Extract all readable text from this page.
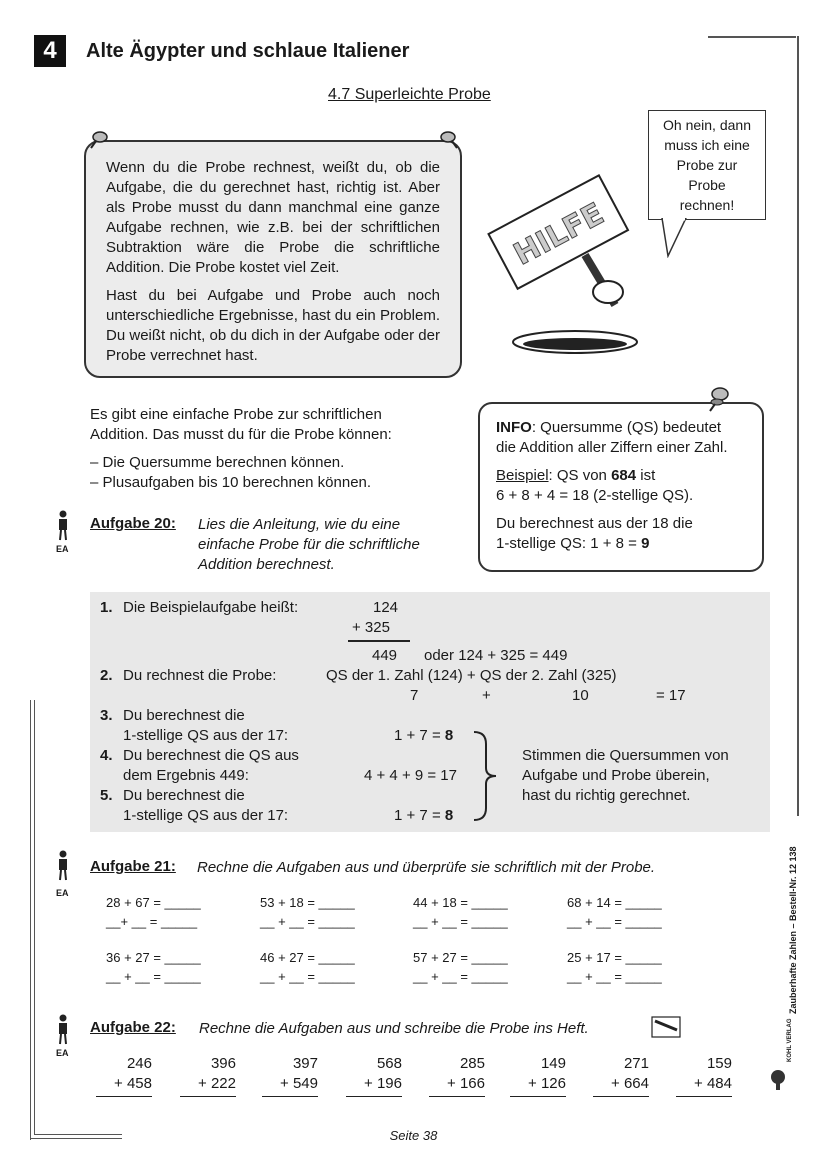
4	Alte Ägypter und schlaue Italiener
4.7 Superleichte Probe

Wenn du die Probe rechnest, weißt du, ob die Aufgabe, die du gerechnet hast, richtig ist. Aber als Probe musst du dann manchmal eine ganze Aufgabe rechnen, wie z.B. bei der schriftlichen Subtraktion wäre die Probe die schriftliche Addition. Die Probe kostet viel Zeit.

Hast du bei Aufgabe und Probe auch noch unterschiedliche Ergebnisse, hast du ein Problem. Du weißt nicht, ob du dich in der Aufgabe oder der Probe verrechnet hast.

HILFE
Oh nein, dann
muss ich eine
Probe zur
Probe
rechnen!
Es gibt eine einfache Probe zur schriftlichen

Addition. Das musst du für die Probe können:

– Die Quersumme berechnen können.
– Plusaufgaben bis 10 berechnen können.
INFO: Quersumme (QS) bedeutet

die Addition aller Ziffern einer Zahl.

Beispiel: QS von 684 ist

6 + 8 + 4 = 18 (2-stellige QS).

Du berechnest aus der 18 die
1-stellige QS: 1 + 8 = 9
EA
EA
EA
Aufgabe 20: Lies die Anleitung, wie du eine
einfache Probe für die schriftliche
Addition berechnest.
1. Die Beispielaufgabe heißt:	124
+ 325
449 oder 124 + 325 = 449
2. Du rechnest die Probe:	QS der 1. Zahl (124) + QS der 2. Zahl (325)
7	+	10	= 17
3. Du berechnest die
1-stellige QS aus der 17:	1 + 7 = 8
4. Du berechnest die QS aus
dem Ergebnis 449:	4 + 4 + 9 = 17
5. Du berechnest die
1-stellige QS aus der 17:	1 + 7 = 8
Stimmen die Quersummen von
Aufgabe und Probe überein,
hast du richtig gerechnet.
Aufgabe 21: Rechne die Aufgaben aus und überprüfe sie schriftlich mit der Probe.
28 + 67 = _____	53 + 18 = _____	44 + 18 = _____	68 + 14 = _____
__+ __ = _____	__ + __ = _____	__ + __ = _____	__ + __ = _____
36 + 27 = _____	46 + 27 = _____	57 + 27 = _____	25 + 17 = _____
__ + __ = _____	__ + __ = _____	__ + __ = _____	__ + __ = _____
Aufgabe 22: Rechne die Aufgaben aus und schreibe die Probe ins Heft.
246
+ 458
396
+ 222
397
+ 549
568
+ 196
285
+ 166
149
+ 126
271
+ 664
159
+ 484
Zauberhafte Zahlen – Bestell-Nr. 12 138
KOHL VERLAG
Seite 38
